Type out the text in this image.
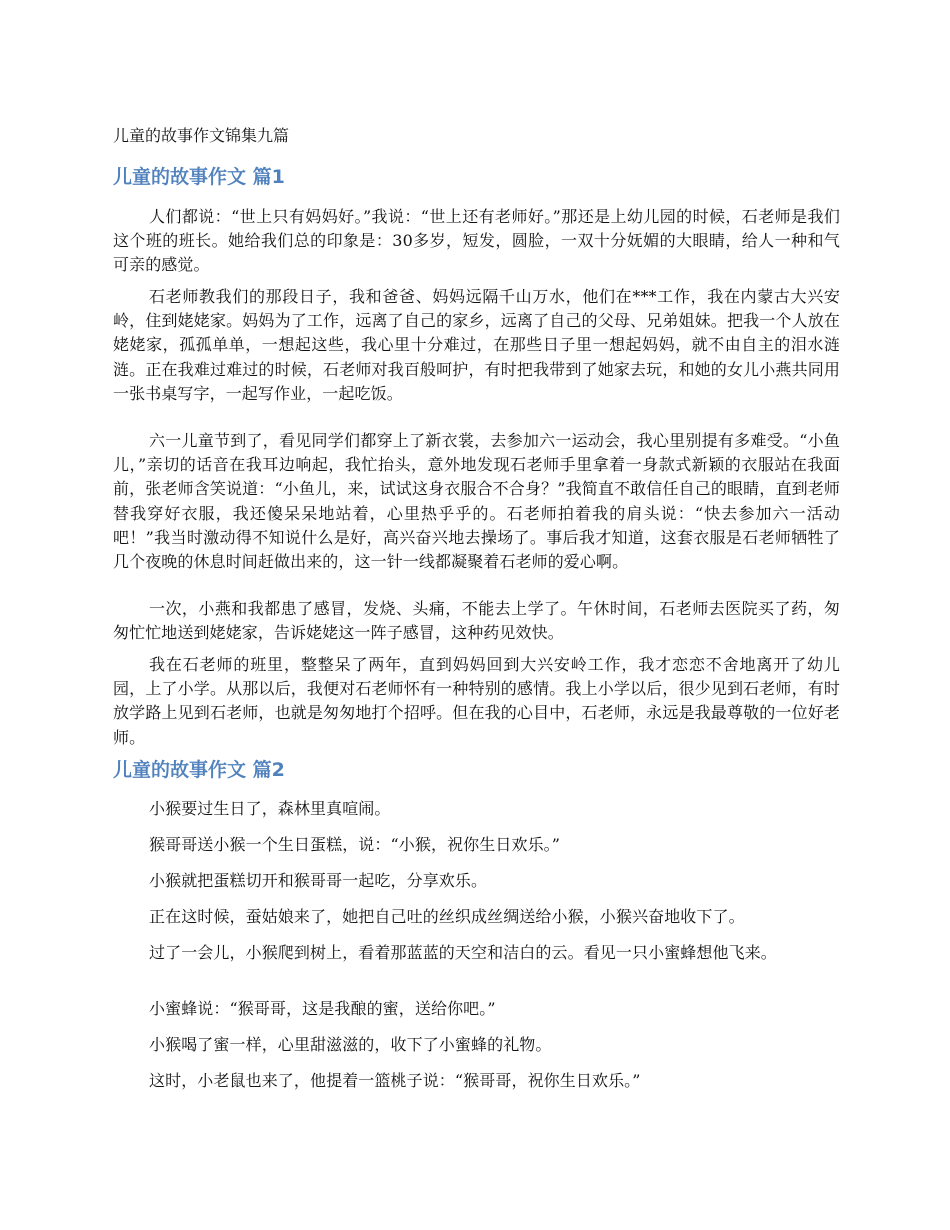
儿童的故事作文锦集九篇
儿童的故事作文 篇1

人们都说：“世上只有妈妈好。”我说：“世上还有老师好。”那还是上幼儿园的时候，石老师是我们这个班的班长。她给我们总的印象是：30多岁，短发，圆脸，一双十分妩媚的大眼睛，给人一种和气可亲的感觉。

石老师教我们的那段日子，我和爸爸、妈妈远隔千山万水，他们在***工作，我在内蒙古大兴安岭，住到姥姥家。妈妈为了工作，远离了自己的家乡，远离了自己的父母、兄弟姐妹。把我一个人放在姥姥家，孤孤单单，一想起这些，我心里十分难过，在那些日子里一想起妈妈，就不由自主的泪水涟涟。正在我难过难过的时候，石老师对我百般呵护，有时把我带到了她家去玩，和她的女儿小燕共同用一张书桌写字，一起写作业，一起吃饭。

六一儿童节到了，看见同学们都穿上了新衣裳，去参加六一运动会，我心里别提有多难受。“小鱼儿，”亲切的话音在我耳边响起，我忙抬头，意外地发现石老师手里拿着一身款式新颖的衣服站在我面前，张老师含笑说道：“小鱼儿，来，试试这身衣服合不合身？”我简直不敢信任自己的眼睛，直到老师替我穿好衣服，我还傻呆呆地站着，心里热乎乎的。石老师拍着我的肩头说：“快去参加六一活动吧！”我当时激动得不知说什么是好，高兴奋兴地去操场了。事后我才知道，这套衣服是石老师牺牲了几个夜晚的休息时间赶做出来的，这一针一线都凝聚着石老师的爱心啊。

一次，小燕和我都患了感冒，发烧、头痛，不能去上学了。午休时间，石老师去医院买了药，匆匆忙忙地送到姥姥家，告诉姥姥这一阵子感冒，这种药见效快。

我在石老师的班里，整整呆了两年，直到妈妈回到大兴安岭工作，我才恋恋不舍地离开了幼儿园，上了小学。从那以后，我便对石老师怀有一种特别的感情。我上小学以后，很少见到石老师，有时放学路上见到石老师，也就是匆匆地打个招呼。但在我的心目中，石老师，永远是我最尊敬的一位好老师。

儿童的故事作文 篇2

小猴要过生日了，森林里真喧闹。

猴哥哥送小猴一个生日蛋糕，说：“小猴，祝你生日欢乐。”

小猴就把蛋糕切开和猴哥哥一起吃，分享欢乐。

正在这时候，蚕姑娘来了，她把自己吐的丝织成丝绸送给小猴，小猴兴奋地收下了。

过了一会儿，小猴爬到树上，看着那蓝蓝的天空和洁白的云。看见一只小蜜蜂想他飞来。

小蜜蜂说：“猴哥哥，这是我酿的蜜，送给你吧。”

小猴喝了蜜一样，心里甜滋滋的，收下了小蜜蜂的礼物。

这时，小老鼠也来了，他提着一篮桃子说：“猴哥哥，祝你生日欢乐。”
